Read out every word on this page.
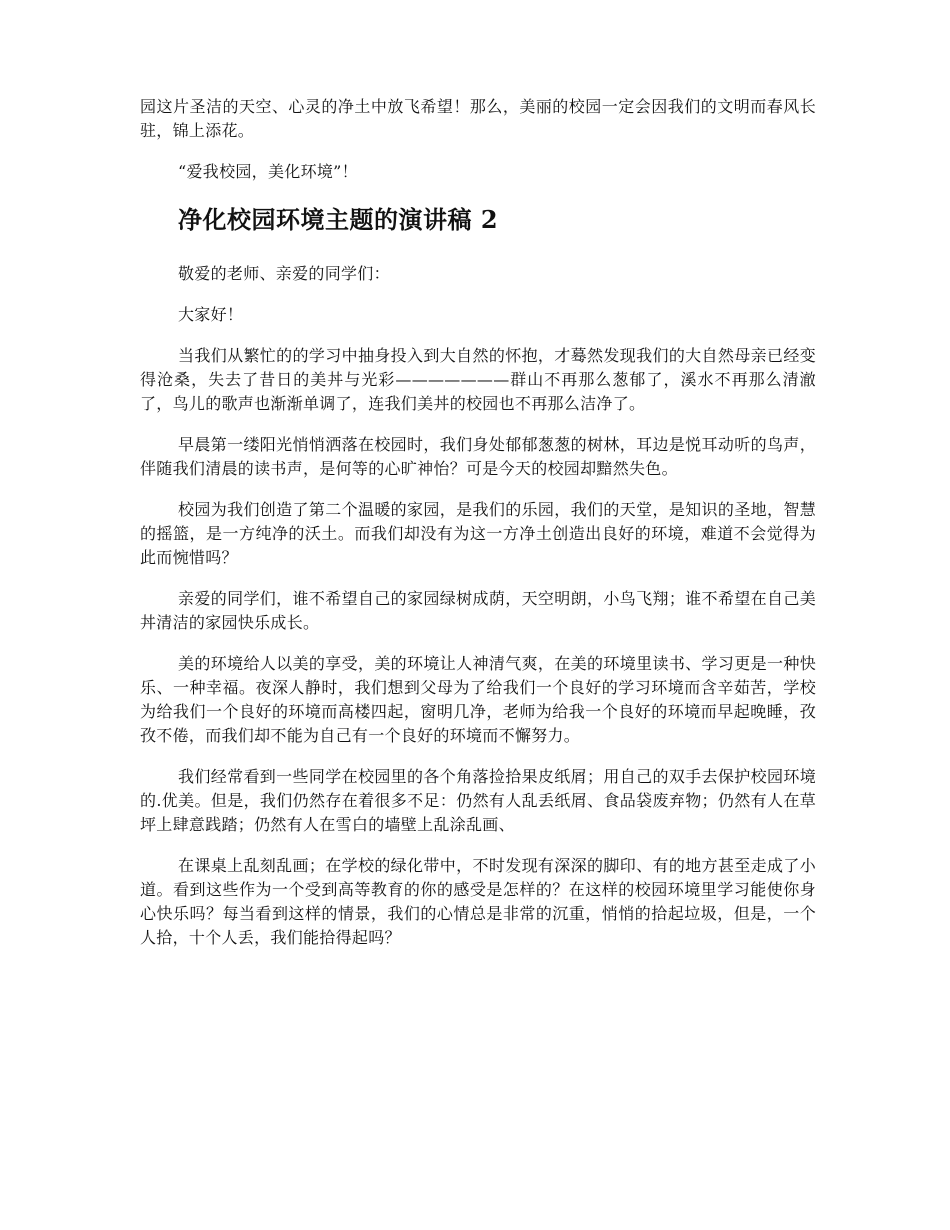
园这片圣洁的天空、心灵的净土中放飞希望！那么，美丽的校园一定会因我们的文明而春风长驻，锦上添花。

“爱我校园，美化环境”！

净化校园环境主题的演讲稿 2

敬爱的老师、亲爱的同学们：

大家好！

当我们从繁忙的的学习中抽身投入到大自然的怀抱，才蓦然发现我们的大自然母亲已经变得沧桑，失去了昔日的美丼与光彩———————群山不再那么葱郁了，溪水不再那么清澈了，鸟儿的歌声也渐渐单调了，连我们美丼的校园也不再那么洁净了。

早晨第一缕阳光悄悄洒落在校园时，我们身处郁郁葱葱的树林，耳边是悦耳动听的鸟声，伴随我们清晨的读书声，是何等的心旷神怡？可是今天的校园却黯然失色。

校园为我们创造了第二个温暖的家园，是我们的乐园，我们的天堂，是知识的圣地，智慧的摇篮，是一方纯净的沃土。而我们却没有为这一方净土创造出良好的环境，难道不会觉得为此而惋惜吗？

亲爱的同学们，谁不希望自己的家园绿树成荫，天空明朗，小鸟飞翔；谁不希望在自己美丼清洁的家园快乐成长。

美的环境给人以美的享受，美的环境让人神清气爽，在美的环境里读书、学习更是一种快乐、一种幸福。夜深人静时，我们想到父母为了给我们一个良好的学习环境而含辛茹苦，学校为给我们一个良好的环境而高楼四起，窗明几净，老师为给我一个良好的环境而早起晚睡，孜孜不倦，而我们却不能为自己有一个良好的环境而不懈努力。

我们经常看到一些同学在校园里的各个角落捡拾果皮纸屑；用自己的双手去保护校园环境的.优美。但是，我们仍然存在着很多不足：仍然有人乱丢纸屑、食品袋废弃物；仍然有人在草坪上肆意践踏；仍然有人在雪白的墙壁上乱涂乱画、

在课桌上乱刻乱画；在学校的绿化带中，不时发现有深深的脚印、有的地方甚至走成了小道。看到这些作为一个受到高等教育的你的感受是怎样的？在这样的校园环境里学习能使你身心快乐吗？每当看到这样的情景，我们的心情总是非常的沉重，悄悄的拾起垃圾，但是，一个人拾，十个人丢，我们能拾得起吗？
